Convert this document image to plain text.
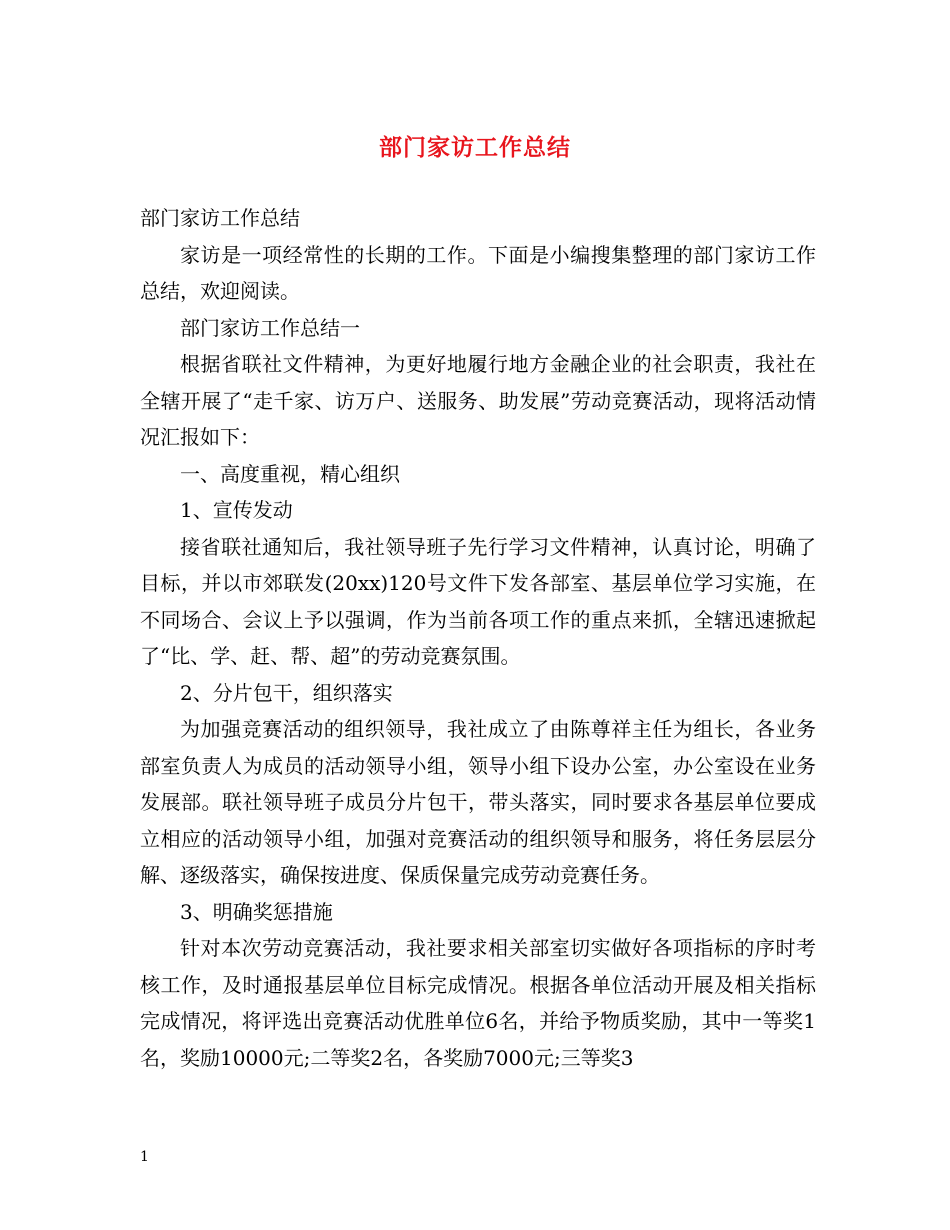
部门家访工作总结

部门家访工作总结

家访是一项经常性的长期的工作。下面是小编搜集整理的部门家访工作总结，欢迎阅读。

部门家访工作总结一

根据省联社文件精神，为更好地履行地方金融企业的社会职责，我社在全辖开展了“走千家、访万户、送服务、助发展”劳动竞赛活动，现将活动情况汇报如下：

一、高度重视，精心组织

1、宣传发动

接省联社通知后，我社领导班子先行学习文件精神，认真讨论，明确了目标，并以市郊联发(20xx)120号文件下发各部室、基层单位学习实施，在不同场合、会议上予以强调，作为当前各项工作的重点来抓，全辖迅速掀起了“比、学、赶、帮、超”的劳动竞赛氛围。

2、分片包干，组织落实

为加强竞赛活动的组织领导，我社成立了由陈尊祥主任为组长，各业务部室负责人为成员的活动领导小组，领导小组下设办公室，办公室设在业务发展部。联社领导班子成员分片包干，带头落实，同时要求各基层单位要成立相应的活动领导小组，加强对竞赛活动的组织领导和服务，将任务层层分解、逐级落实，确保按进度、保质保量完成劳动竞赛任务。

3、明确奖惩措施

针对本次劳动竞赛活动，我社要求相关部室切实做好各项指标的序时考核工作，及时通报基层单位目标完成情况。根据各单位活动开展及相关指标完成情况，将评选出竞赛活动优胜单位6名，并给予物质奖励，其中一等奖1名，奖励10000元;二等奖2名，各奖励7000元;三等奖3

1
